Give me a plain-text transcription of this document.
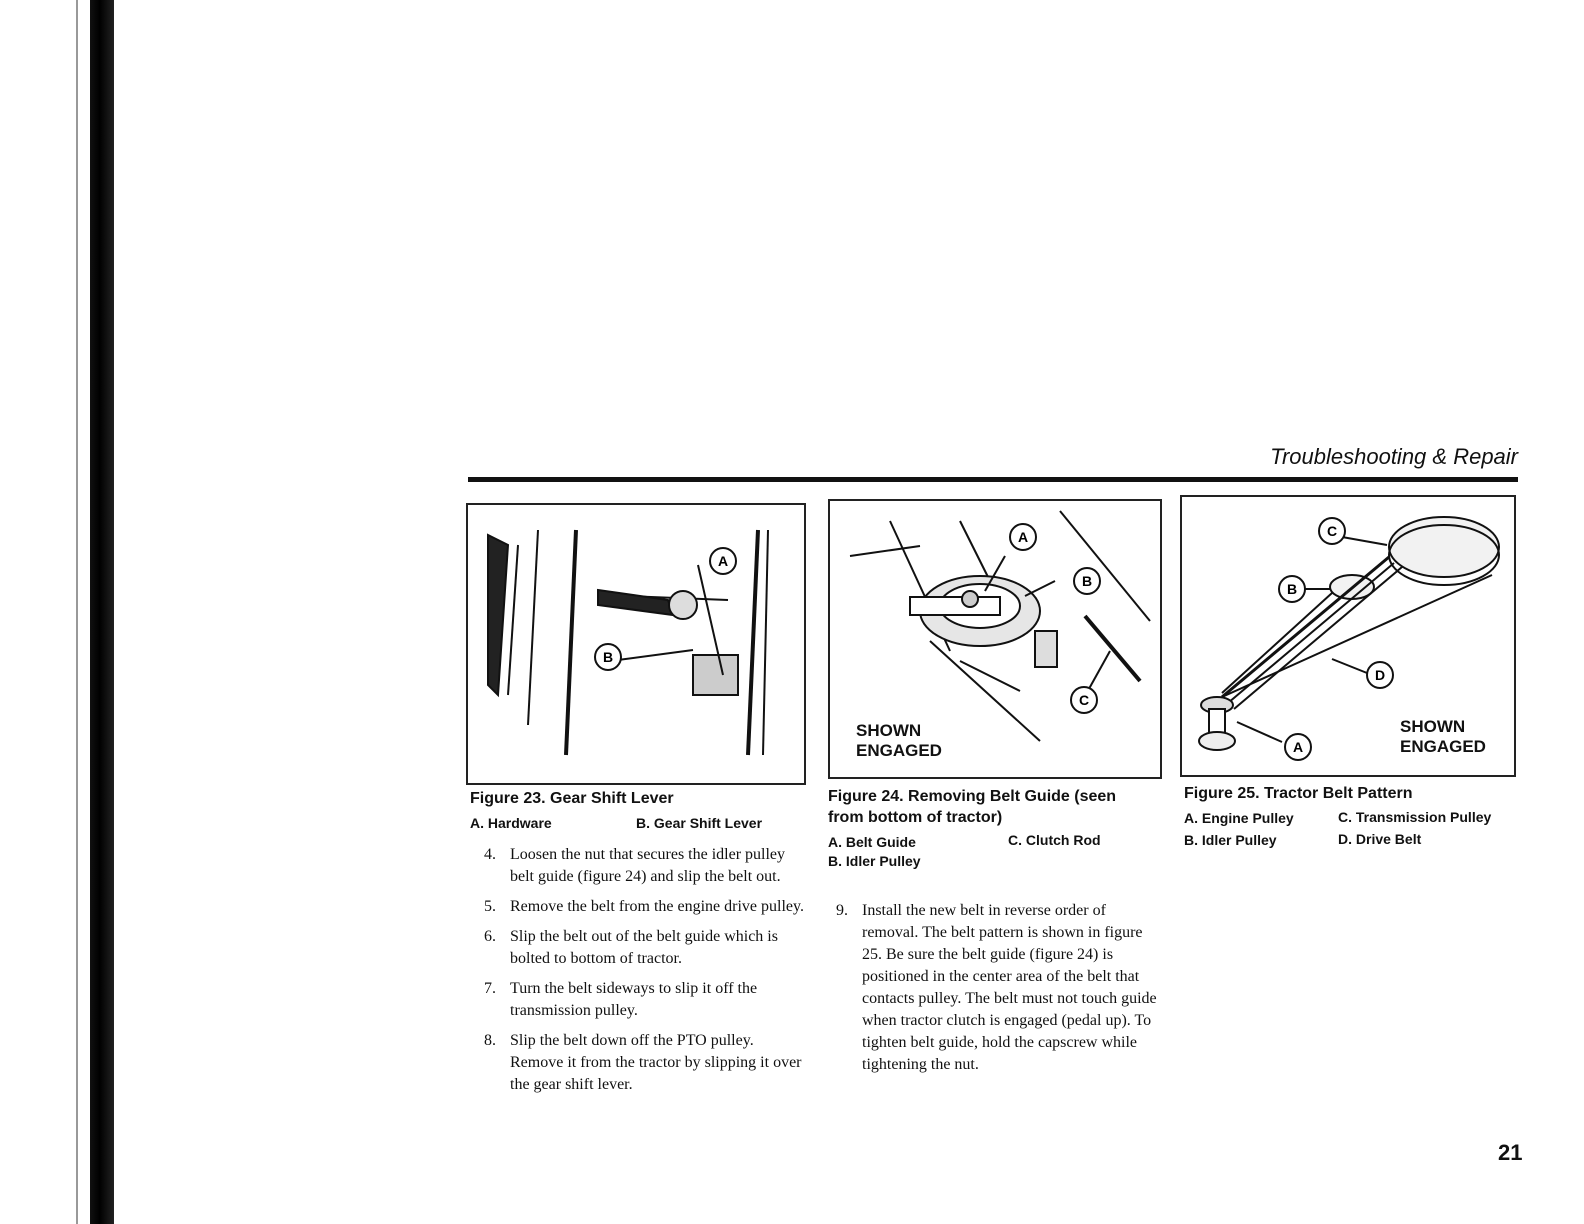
Troubleshooting & Repair
A
B
Figure 23. Gear Shift Lever
A. Hardware	B. Gear Shift Lever
A
B
C
SHOWN
ENGAGED
Figure 24. Removing Belt Guide (seen from bottom of tractor)
A. Belt Guide	C. Clutch Rod
B. Idler Pulley
C
B
D
A
SHOWN
ENGAGED
Figure 25. Tractor Belt Pattern
A. Engine Pulley	C. Transmission Pulley
B. Idler Pulley	D. Drive Belt
4. Loosen the nut that secures the idler pulley belt guide (figure 24) and slip the belt out.
5. Remove the belt from the engine drive pulley.
6. Slip the belt out of the belt guide which is bolted to bottom of tractor.
7. Turn the belt sideways to slip it off the transmission pulley.
8. Slip the belt down off the PTO pulley. Remove it from the tractor by slipping it over the gear shift lever.
9. Install the new belt in reverse order of removal. The belt pattern is shown in figure 25. Be sure the belt guide (figure 24) is positioned in the center area of the belt that contacts pulley. The belt must not touch guide when tractor clutch is engaged (pedal up). To tighten belt guide, hold the capscrew while tightening the nut.
21
